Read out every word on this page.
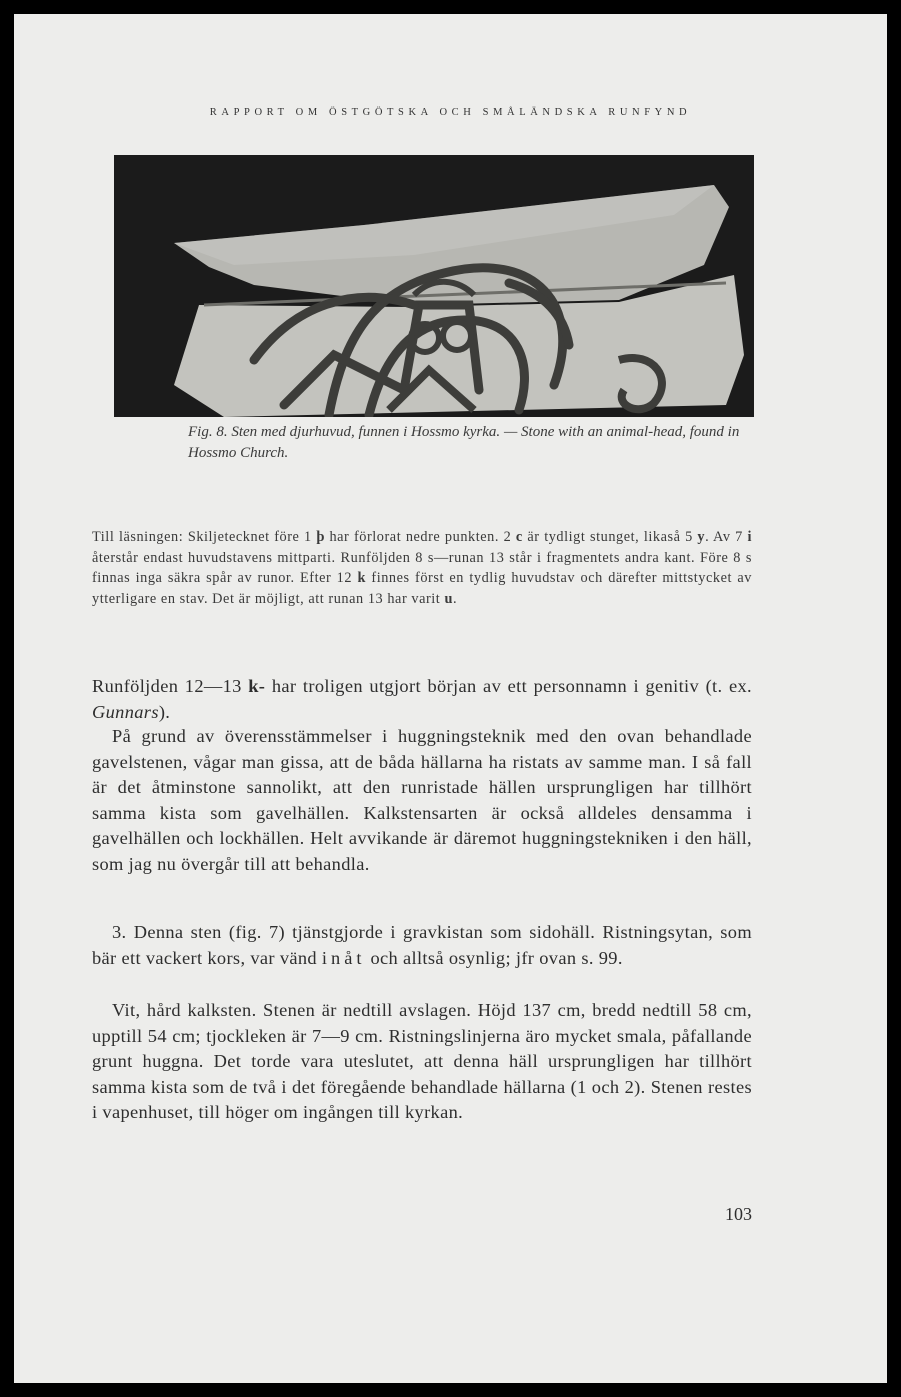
RAPPORT OM ÖSTGÖTSKA OCH SMÅLÄNDSKA RUNFYND
Fig. 8. Sten med djurhuvud, funnen i Hossmo kyrka. — Stone with an animal-head, found in Hossmo Church.
Till läsningen: Skiljetecknet före 1 þ har förlorat nedre punkten. 2 c är tydligt stunget, likaså 5 y. Av 7 i återstår endast huvudstavens mittparti. Runföljden 8 s—runan 13 står i fragmentets andra kant. Före 8 s finnas inga säkra spår av runor. Efter 12 k finnes först en tydlig huvudstav och därefter mittstycket av ytterligare en stav. Det är möjligt, att runan 13 har varit u.
Runföljden 12—13 k- har troligen utgjort början av ett personnamn i genitiv (t. ex. Gunnars).
På grund av överensstämmelser i huggningsteknik med den ovan behandlade gavelstenen, vågar man gissa, att de båda hällarna ha ristats av samme man. I så fall är det åtminstone sannolikt, att den runristade hällen ursprungligen har tillhört samma kista som gavelhällen. Kalkstensarten är också alldeles densamma i gavelhällen och lockhällen. Helt avvikande är däremot huggningstekniken i den häll, som jag nu övergår till att behandla.
3. Denna sten (fig. 7) tjänstgjorde i gravkistan som sidohäll. Ristningsytan, som bär ett vackert kors, var vänd inåt och alltså osynlig; jfr ovan s. 99.
Vit, hård kalksten. Stenen är nedtill avslagen. Höjd 137 cm, bredd nedtill 58 cm, upptill 54 cm; tjockleken är 7—9 cm. Ristningslinjerna äro mycket smala, påfallande grunt huggna. Det torde vara uteslutet, att denna häll ursprungligen har tillhört samma kista som de två i det föregående behandlade hällarna (1 och 2). Stenen restes i vapenhuset, till höger om ingången till kyrkan.
103
